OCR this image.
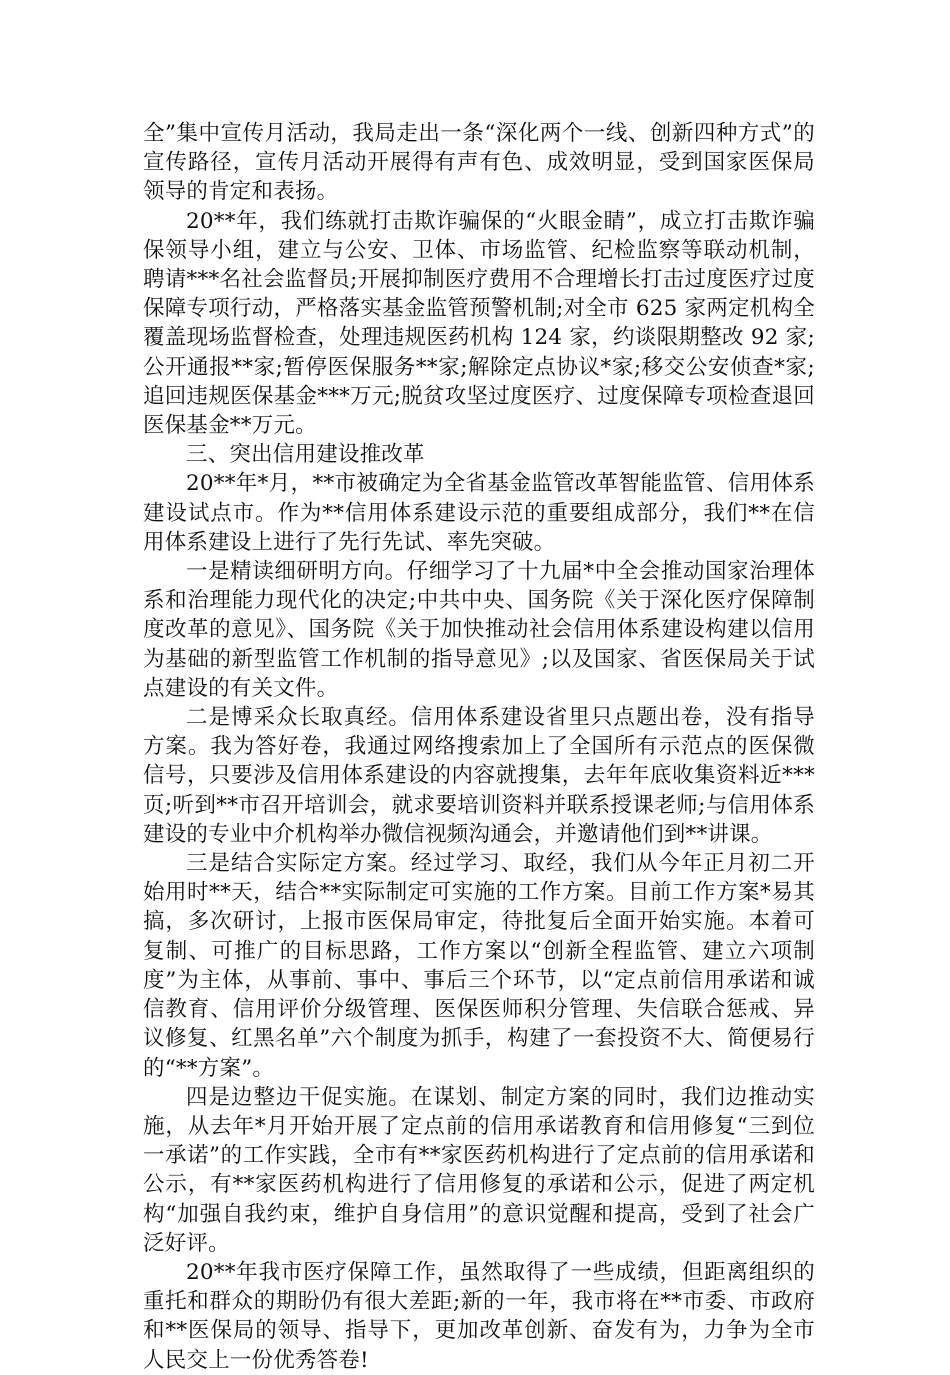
全”集中宣传月活动，我局走出一条“深化两个一线、创新四种方式”的宣传路径，宣传月活动开展得有声有色、成效明显，受到国家医保局领导的肯定和表扬。

20**年，我们练就打击欺诈骗保的“火眼金睛”，成立打击欺诈骗保领导小组，建立与公安、卫体、市场监管、纪检监察等联动机制，聘请***名社会监督员;开展抑制医疗费用不合理增长打击过度医疗过度保障专项行动，严格落实基金监管预警机制;对全市 625 家两定机构全覆盖现场监督检查，处理违规医药机构 124 家，约谈限期整改 92 家;公开通报**家;暂停医保服务**家;解除定点协议*家;移交公安侦查*家;追回违规医保基金***万元;脱贫攻坚过度医疗、过度保障专项检查退回医保基金**万元。

三、突出信用建设推改革

20**年*月，**市被确定为全省基金监管改革智能监管、信用体系建设试点市。作为**信用体系建设示范的重要组成部分，我们**在信用体系建设上进行了先行先试、率先突破。

一是精读细研明方向。仔细学习了十九届*中全会推动国家治理体系和治理能力现代化的决定;中共中央、国务院《关于深化医疗保障制度改革的意见》、国务院《关于加快推动社会信用体系建设构建以信用为基础的新型监管工作机制的指导意见》;以及国家、省医保局关于试点建设的有关文件。

二是博采众长取真经。信用体系建设省里只点题出卷，没有指导方案。我为答好卷，我通过网络搜索加上了全国所有示范点的医保微信号，只要涉及信用体系建设的内容就搜集，去年年底收集资料近***页;听到**市召开培训会，就求要培训资料并联系授课老师;与信用体系建设的专业中介机构举办微信视频沟通会，并邀请他们到**讲课。

三是结合实际定方案。经过学习、取经，我们从今年正月初二开始用时**天，结合**实际制定可实施的工作方案。目前工作方案*易其搞，多次研讨，上报市医保局审定，待批复后全面开始实施。本着可复制、可推广的目标思路，工作方案以“创新全程监管、建立六项制度”为主体，从事前、事中、事后三个环节，以“定点前信用承诺和诚信教育、信用评价分级管理、医保医师积分管理、失信联合惩戒、异议修复、红黑名单”六个制度为抓手，构建了一套投资不大、简便易行的“**方案”。

四是边整边干促实施。在谋划、制定方案的同时，我们边推动实施，从去年*月开始开展了定点前的信用承诺教育和信用修复“三到位一承诺”的工作实践，全市有**家医药机构进行了定点前的信用承诺和公示，有**家医药机构进行了信用修复的承诺和公示，促进了两定机构“加强自我约束，维护自身信用”的意识觉醒和提高，受到了社会广泛好评。

20**年我市医疗保障工作，虽然取得了一些成绩，但距离组织的重托和群众的期盼仍有很大差距;新的一年，我市将在**市委、市政府和**医保局的领导、指导下，更加改革创新、奋发有为，力争为全市人民交上一份优秀答卷!
